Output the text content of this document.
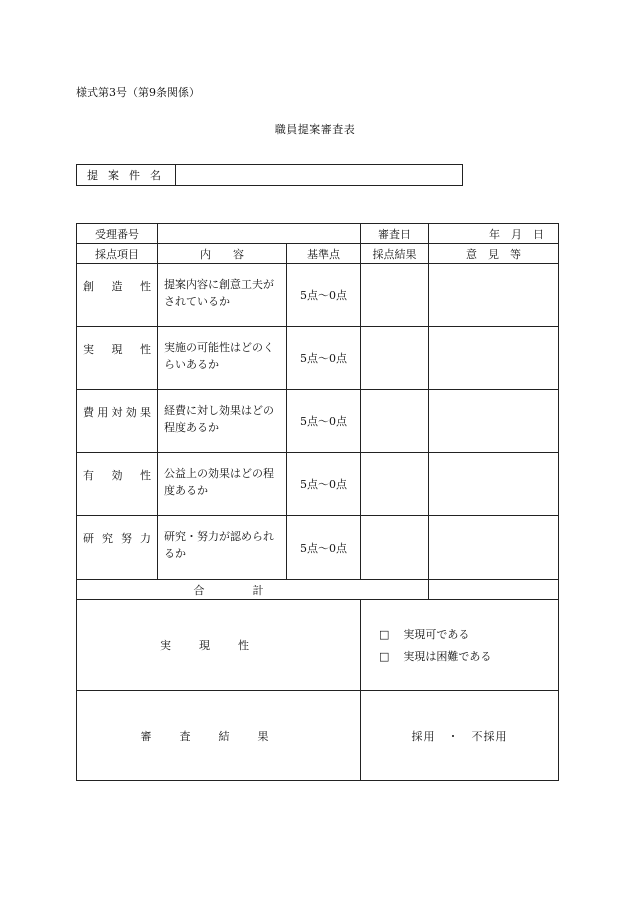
様式第3号（第9条関係）
職員提案審査表
提案件名	
受理番号			審査日	年　月　日
採点項目	内　　容	基準点	採点結果	意　見　等
創造性	提案内容に創意工夫がされているか	5点〜0点		
実現性	実施の可能性はどのくらいあるか	5点〜0点		
費用対効果	経費に対し効果はどの程度あるか	5点〜0点		
有効性	公益上の効果はどの程度あるか	5点〜0点		
研究努力	研究・努力が認められるか	5点〜0点		
合計				
実現性			□ 実現可である
□ 実現は困難である	

審査結果			採用　・　不採用	
